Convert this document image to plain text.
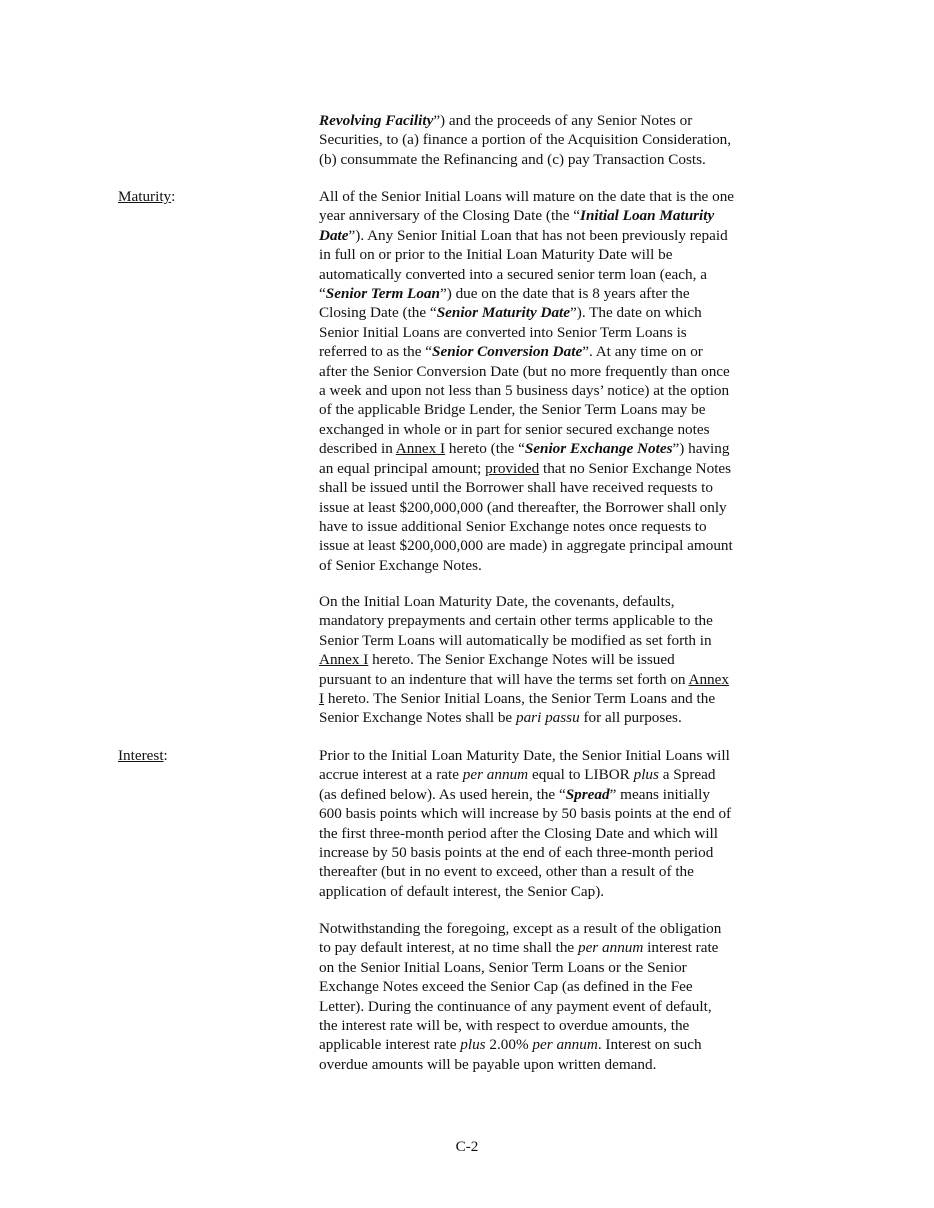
Revolving Facility”) and the proceeds of any Senior Notes or
Securities, to (a) finance a portion of the Acquisition Consideration,
(b) consummate the Refinancing and (c) pay Transaction Costs.
Maturity:	All of the Senior Initial Loans will mature on the date that is the one
year anniversary of the Closing Date (the “Initial Loan Maturity
Date”). Any Senior Initial Loan that has not been previously repaid
in full on or prior to the Initial Loan Maturity Date will be
automatically converted into a secured senior term loan (each, a
“Senior Term Loan”) due on the date that is 8 years after the
Closing Date (the “Senior Maturity Date”). The date on which
Senior Initial Loans are converted into Senior Term Loans is
referred to as the “Senior Conversion Date”. At any time on or
after the Senior Conversion Date (but no more frequently than once
a week and upon not less than 5 business days’ notice) at the option
of the applicable Bridge Lender, the Senior Term Loans may be
exchanged in whole or in part for senior secured exchange notes
described in Annex I hereto (the “Senior Exchange Notes”) having
an equal principal amount; provided that no Senior Exchange Notes
shall be issued until the Borrower shall have received requests to
issue at least $200,000,000 (and thereafter, the Borrower shall only
have to issue additional Senior Exchange notes once requests to
issue at least $200,000,000 are made) in aggregate principal amount
of Senior Exchange Notes.
On the Initial Loan Maturity Date, the covenants, defaults,
mandatory prepayments and certain other terms applicable to the
Senior Term Loans will automatically be modified as set forth in
Annex I hereto. The Senior Exchange Notes will be issued
pursuant to an indenture that will have the terms set forth on Annex
I hereto. The Senior Initial Loans, the Senior Term Loans and the
Senior Exchange Notes shall be pari passu for all purposes.
Interest:	Prior to the Initial Loan Maturity Date, the Senior Initial Loans will
accrue interest at a rate per annum equal to LIBOR plus a Spread
(as defined below). As used herein, the “Spread” means initially
600 basis points which will increase by 50 basis points at the end of
the first three-month period after the Closing Date and which will
increase by 50 basis points at the end of each three-month period
thereafter (but in no event to exceed, other than a result of the
application of default interest, the Senior Cap).
Notwithstanding the foregoing, except as a result of the obligation
to pay default interest, at no time shall the per annum interest rate
on the Senior Initial Loans, Senior Term Loans or the Senior
Exchange Notes exceed the Senior Cap (as defined in the Fee
Letter). During the continuance of any payment event of default,
the interest rate will be, with respect to overdue amounts, the
applicable interest rate plus 2.00% per annum. Interest on such
overdue amounts will be payable upon written demand.
C-2
